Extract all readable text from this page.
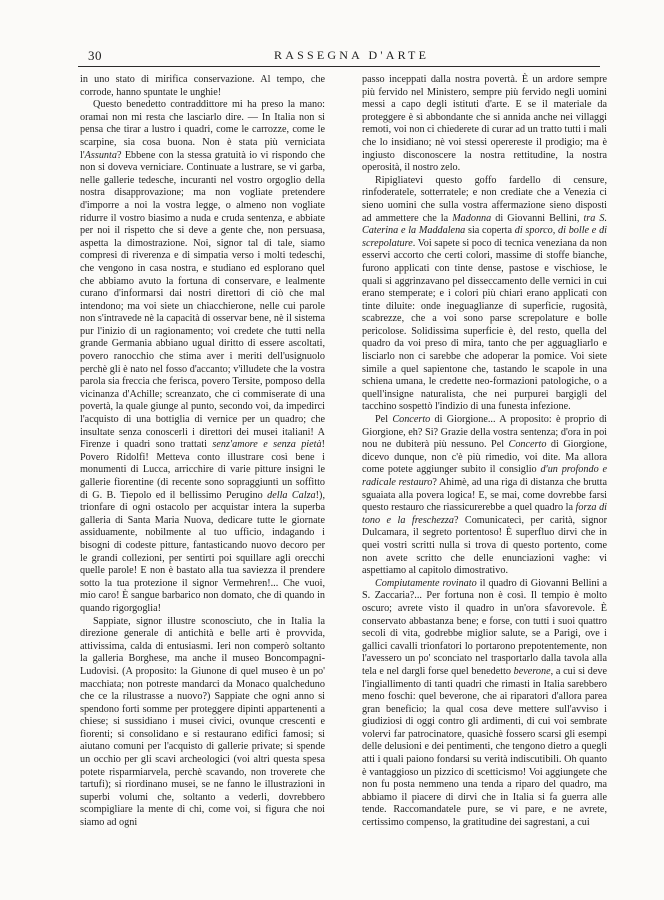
30	RASSEGNA D'ARTE

in uno stato di mirifica conservazione. Al tempo, che corrode, hanno spuntate le unghie!

Questo benedetto contraddittore mi ha preso la mano: oramai non mi resta che lasciarlo dire. — In Italia non si pensa che tirar a lustro i quadri, come le carrozze, come le scarpine, sia cosa buona. Non è stata più verniciata l'Assunta? Ebbene con la stessa gratuità io vi rispondo che non si doveva verniciare. Continuate a lustrare, se vi garba, nelle gallerie tedesche, incuranti nel vostro orgoglio della nostra disapprovazione; ma non vogliate pretendere d'imporre a noi la vostra legge, o almeno non vogliate ridurre il vostro biasimo a nuda e cruda sentenza, e abbiate per noi il rispetto che si deve a gente che, non persuasa, aspetta la dimostrazione. Noi, signor tal di tale, siamo compresi di riverenza e di simpatia verso i molti tedeschi, che vengono in casa nostra, e studiano ed esplorano quel che abbiamo avuto la fortuna di conservare, e lealmente curano d'informarsi dai nostri direttori di ciò che mal intendono; ma voi siete un chiacchierone, nelle cui parole non s'intravede nè la capacità di osservar bene, nè il sistema pur l'inizio di un ragionamento; voi credete che tutti nella grande Germania abbiano ugual diritto di essere ascoltati, povero ranocchio che stima aver i meriti dell'usignuolo perchè gli è nato nel fosso d'accanto; v'illudete che la vostra parola sia freccia che ferisca, povero Tersite, pomposo della vicinanza d'Achille; screanzato, che ci commiserate di una povertà, la quale giunge al punto, secondo voi, da impedirci l'acquisto di una bottiglia di vernice per un quadro; che insultate senza conoscerli i direttori dei musei italiani! A Firenze i quadri sono trattati senz'amore e senza pietà! Povero Ridolfi! Metteva conto illustrare così bene i monumenti di Lucca, arricchire di varie pitture insigni le gallerie fiorentine (di recente sono sopraggiunti un soffitto di G. B. Tiepolo ed il bellissimo Perugino della Calza!), trionfare di ogni ostacolo per acquistar intera la superba galleria di Santa Maria Nuova, dedicare tutte le giornate assiduamente, nobilmente al tuo ufficio, indagando i bisogni di codeste pitture, fantasticando nuovo decoro per le grandi collezioni, per sentirti poi squillare agli orecchi quelle parole! E non è bastato alla tua saviezza il prendere sotto la tua protezione il signor Vermehren!... Che vuoi, mio caro! È sangue barbarico non domato, che di quando in quando rigorgoglia!

Sappiate, signor illustre sconosciuto, che in Italia la direzione generale di antichità e belle arti è provvida, attivissima, calda di entusiasmi. Ieri non comperò soltanto la galleria Borghese, ma anche il museo Boncompagni-Ludovisi. (A proposito: la Giunone di quel museo è un po' macchiata; non potreste mandarci da Monaco qualcheduno che ce la rilustrasse a nuovo?) Sappiate che ogni anno si spendono forti somme per proteggere dipinti appartenenti a chiese; si sussidiano i musei civici, ovunque crescenti e fiorenti; si consolidano e si restaurano edifici famosi; si aiutano comuni per l'acquisto di gallerie private; si spende un occhio per gli scavi archeologici (voi altri questa spesa potete risparmiarvela, perchè scavando, non troverete che tartufi); si riordinano musei, se ne fanno le illustrazioni in superbi volumi che, soltanto a vederli, dovrebbero scompigliare la mente di chi, come voi, si figura che noi siamo ad ogni

passo inceppati dalla nostra povertà. È un ardore sempre più fervido nel Ministero, sempre più fervido negli uomini messi a capo degli istituti d'arte. E se il materiale da proteggere è sì abbondante che si annida anche nei villaggi remoti, voi non ci chiederete di curar ad un tratto tutti i mali che lo insidiano; nè voi stessi operereste il prodigio; ma è ingiusto disconoscere la nostra rettitudine, la nostra operosità, il nostro zelo.

Ripigliatevi questo goffo fardello di censure, rinfoderatele, sotterratele; e non crediate che a Venezia ci sieno uomini che sulla vostra affermazione sieno disposti ad ammettere che la Madonna di Giovanni Bellini, tra S. Caterina e la Maddalena sia coperta di sporco, di bolle e di screpolature. Voi sapete si poco di tecnica veneziana da non esservi accorto che certi colori, massime di stoffe bianche, furono applicati con tinte dense, pastose e vischiose, le quali si aggrinzavano pel disseccamento delle vernici in cui erano stemperate; e i colori più chiari erano applicati con tinte diluite: onde ineguaglianze di superficie, rugosità, scabrezze, che a voi sono parse screpolature e bolle pericolose. Solidissima superficie è, del resto, quella del quadro da voi preso di mira, tanto che per agguagliarlo e lisciarlo non ci sarebbe che adoperar la pomice. Voi siete simile a quel sapientone che, tastando le scapole in una schiena umana, le credette neo-formazioni patologiche, o a quell'insigne naturalista, che nei purpurei bargigli del tacchino sospettò l'indizio di una funesta infezione.

Pel Concerto di Giorgione... A proposito: è proprio di Giorgione, eh? Si? Grazie della vostra sentenza; d'ora in poi nou ne dubiterà più nessuno. Pel Concerto di Giorgione, dicevo dunque, non c'è più rimedio, voi dite. Ma allora come potete aggiunger subito il consiglio d'un profondo e radicale restauro? Ahimè, ad una riga di distanza che brutta sguaiata alla povera logica! E, se mai, come dovrebbe farsi questo restauro che riassicurerebbe a quel quadro la forza di tono e la freschezza? Comunicatecì, per carità, signor Dulcamara, il segreto portentoso! È superfluo dirvi che in quei vostri scritti nulla si trova di questo portento, come non avete scritto che delle enunciazioni vaghe: vi aspettiamo al capitolo dimostrativo.

Compiutamente rovinato il quadro di Giovanni Bellini a S. Zaccaria?... Per fortuna non è così. Il tempio è molto oscuro; avrete visto il quadro in un'ora sfavorevole. È conservato abbastanza bene; e forse, con tutti i suoi quattro secoli di vita, godrebbe miglior salute, se a Parigi, ove i gallici cavalli trionfatori lo portarono prepotentemente, non l'avessero un po' sconciato nel trasportarlo dalla tavola alla tela e nel dargli forse quel benedetto beverone, a cui si deve l'ingiallimento di tanti quadri che rimasti in Italia sarebbero meno foschi: quel beverone, che ai riparatori d'allora parea gran beneficio; la qual cosa deve mettere sull'avviso i giudiziosi di oggi contro gli ardimenti, di cui voi sembrate volervi far patrocinatore, quasichè fossero scarsi gli esempi delle delusioni e dei pentimenti, che tengono dietro a quegli atti i quali paiono fondarsi su verità indiscutibili. Oh quanto è vantaggioso un pizzico di scetticismo! Voi aggiungete che non fu posta nemmeno una tenda a riparo del quadro, ma abbiamo il piacere di dirvi che in Italia si fa guerra alle tende. Raccomandatele pure, se vi pare, e ne avrete, certissimo compenso, la gratitudine dei sagrestani, a cui
